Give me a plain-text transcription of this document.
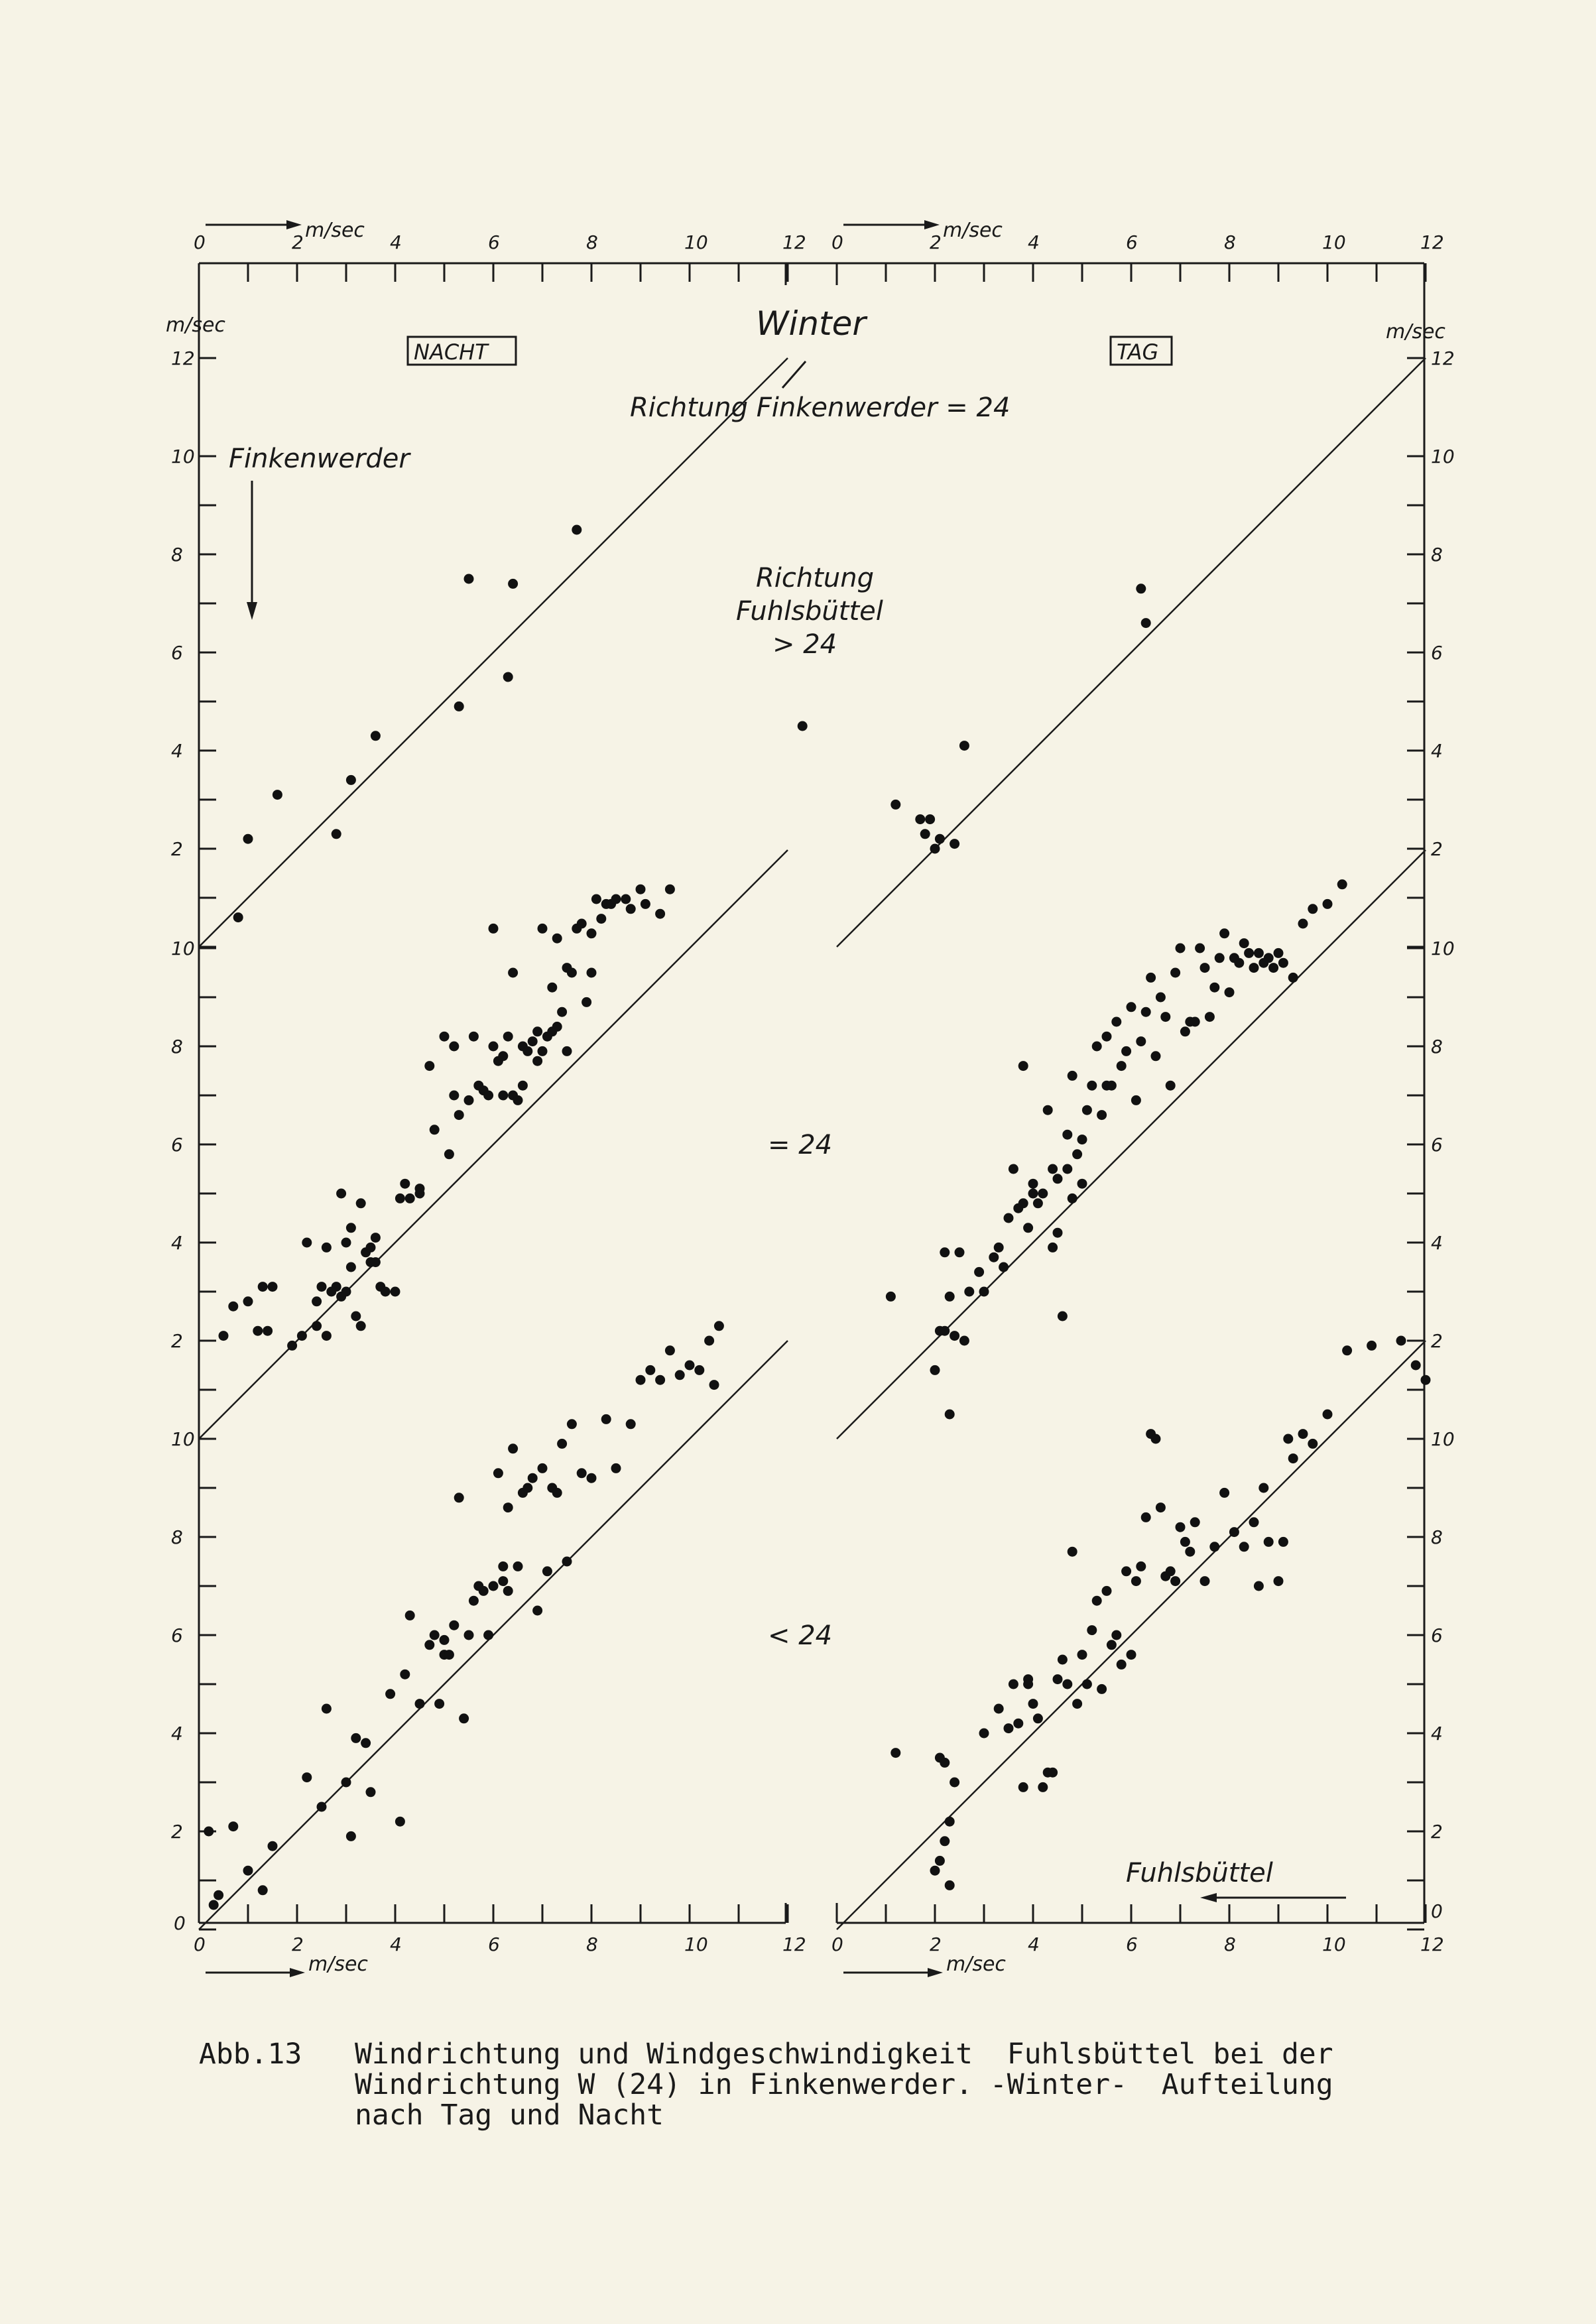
0
0
2
2
4
4
6
6
8
8
10
10
12
12
m/sec
m/sec
0
0
2
2
4
4
6
6
8
8
10
10
12
12
m/sec
m/sec
2	2
4	4
6	6
8	8
10	10
2	2
4	4
6	6
8	8
10	10
2	2
4	4
6	6
8	8
10	10
12	12
0
0
m/sec	m/sec
Winter
NACHT	TAG
Richtung Finkenwerder = 24
Richtung
Fuhlsbüttel
> 24
= 24
< 24
Finkenwerder
Fuhlsbüttel
Abb.13 Windrichtung und Windgeschwindigkeit  Fuhlsbüttel bei der
Windrichtung W (24) in Finkenwerder. -Winter-  Aufteilung
nach Tag und Nacht
